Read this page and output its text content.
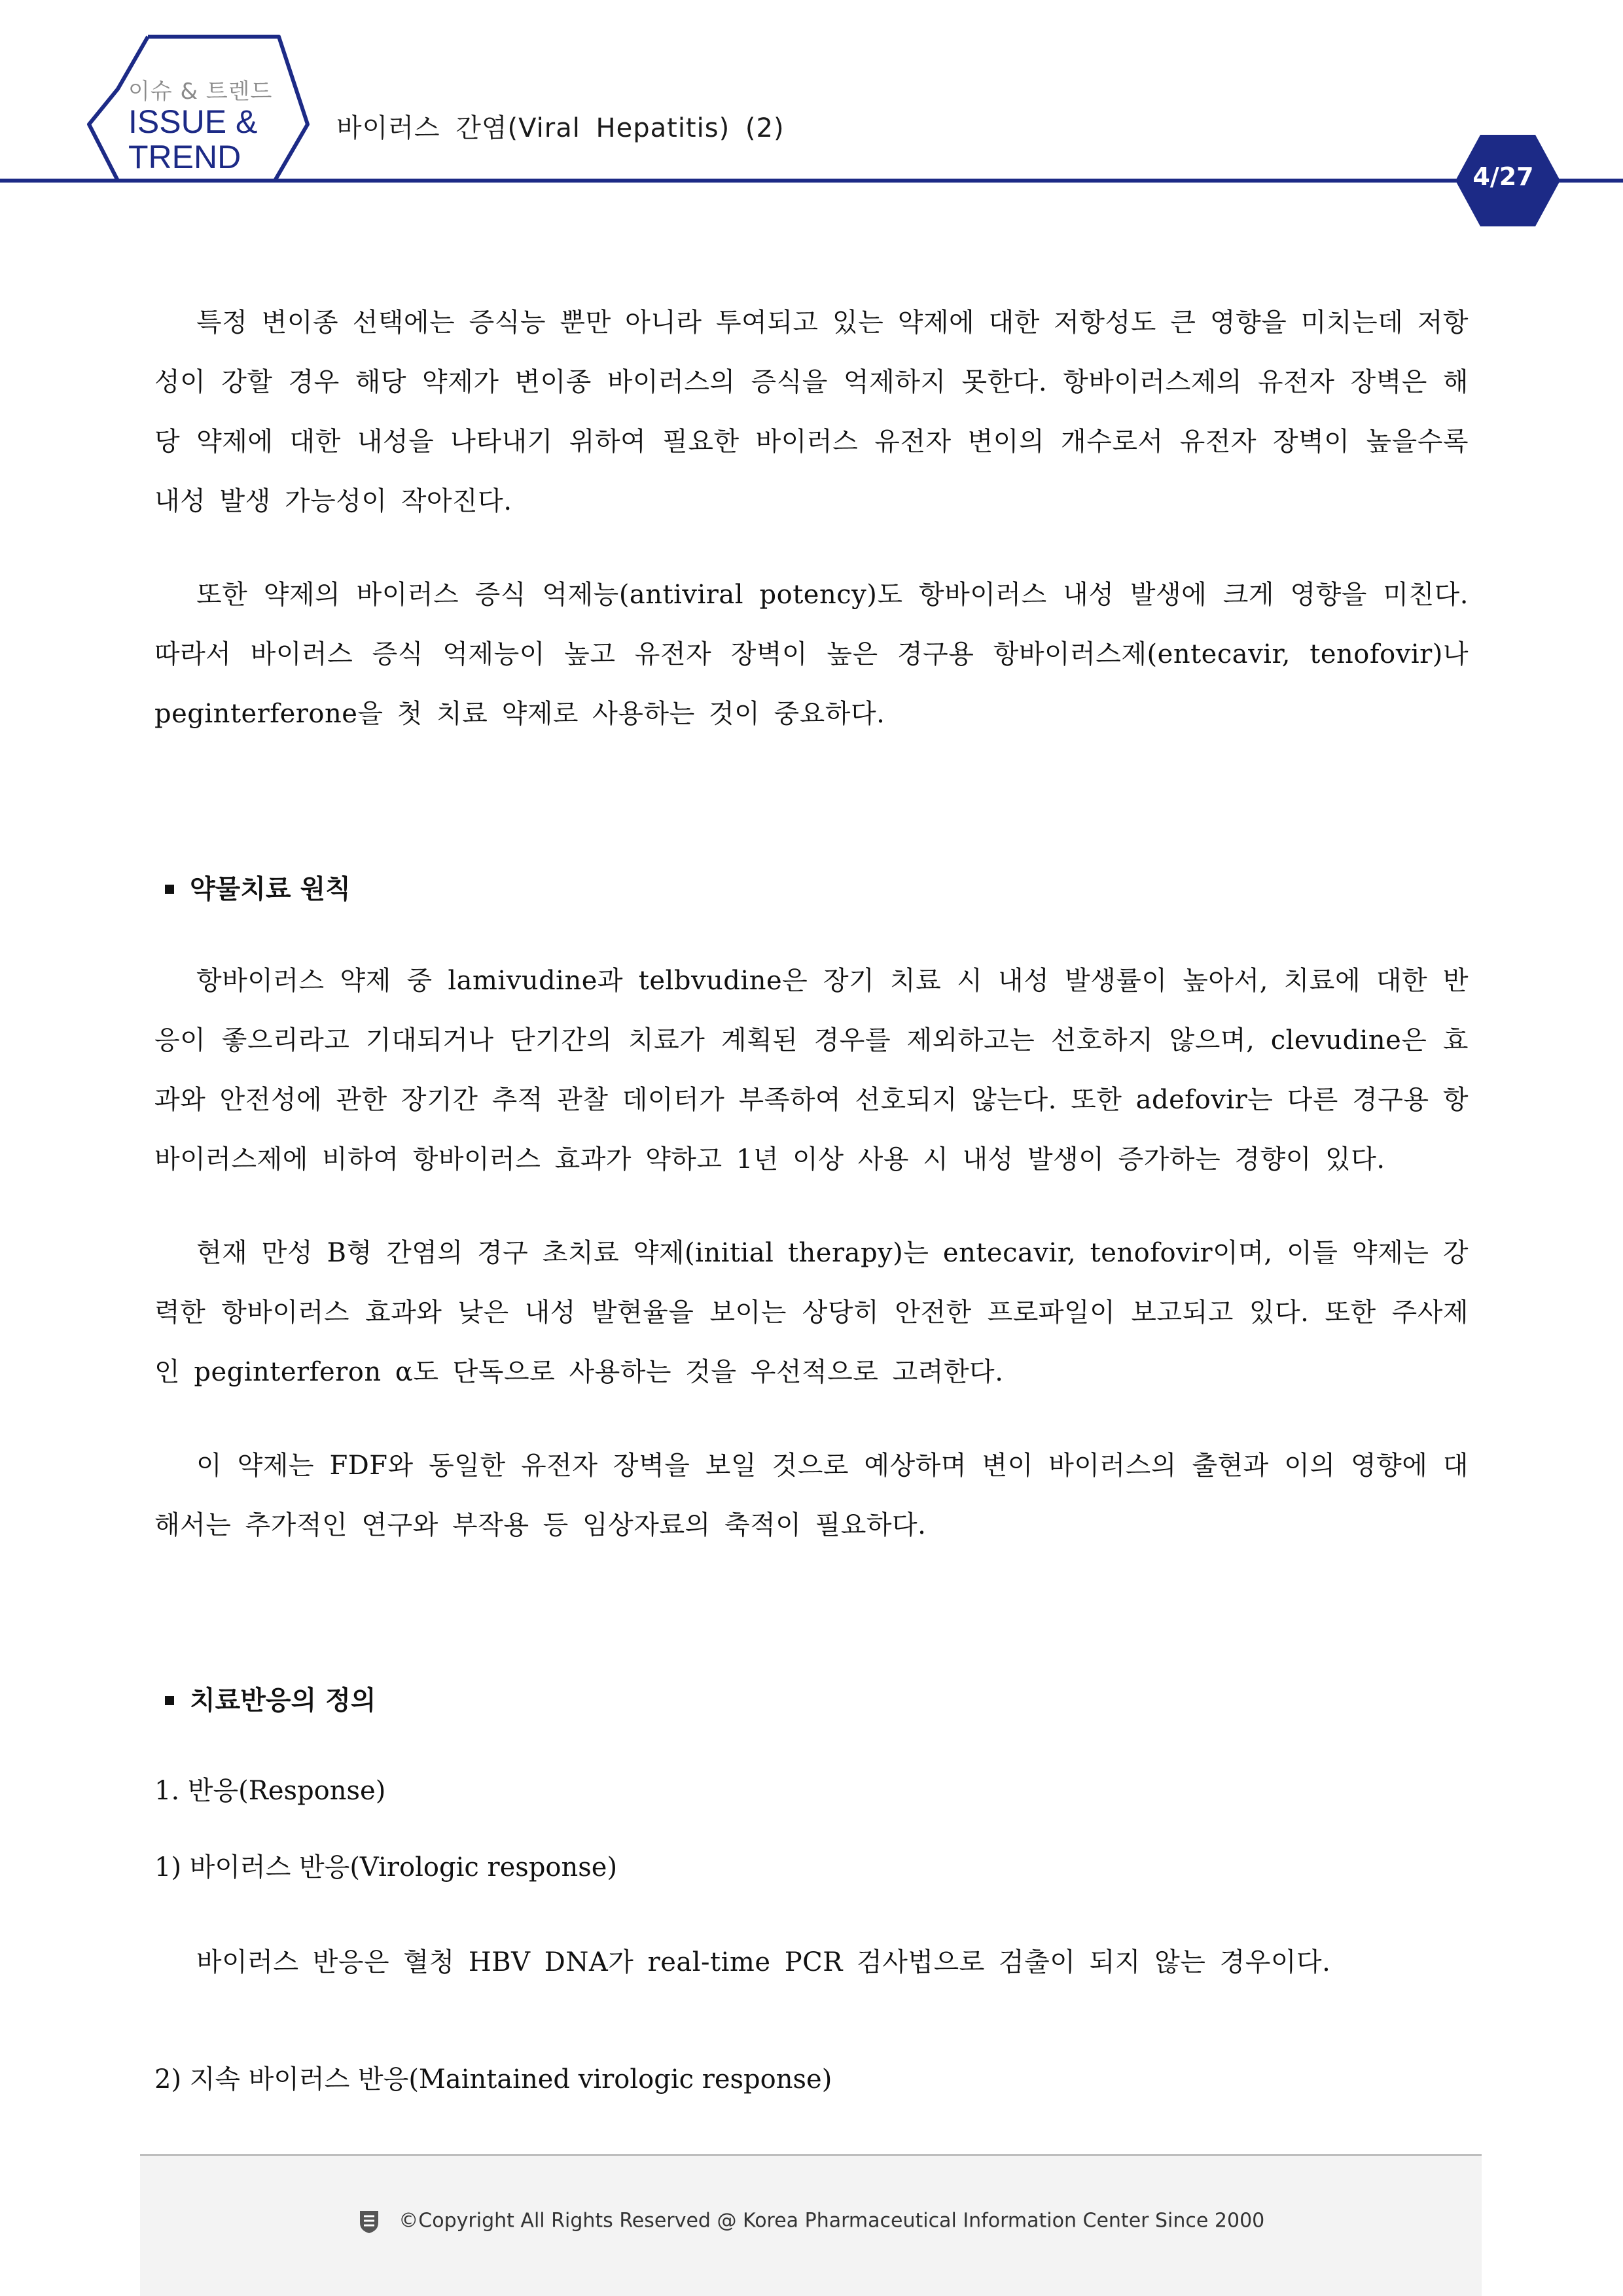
이슈 & 트렌드
ISSUE &
TREND
바이러스 간염(Viral Hepatitis) (2)
4/27

특정 변이종 선택에는 증식능 뿐만 아니라 투여되고 있는 약제에 대한 저항성도 큰 영향을 미치는데 저항성이 강할 경우 해당 약제가 변이종 바이러스의 증식을 억제하지 못한다. 항바이러스제의 유전자 장벽은 해당 약제에 대한 내성을 나타내기 위하여 필요한 바이러스 유전자 변이의 개수로서 유전자 장벽이 높을수록 내성 발생 가능성이 작아진다.

또한 약제의 바이러스 증식 억제능(antiviral potency)도 항바이러스 내성 발생에 크게 영향을 미친다. 따라서 바이러스 증식 억제능이 높고 유전자 장벽이 높은 경구용 항바이러스제(entecavir, tenofovir)나 peginterferone을 첫 치료 약제로 사용하는 것이 중요하다.

약물치료 원칙

항바이러스 약제 중 lamivudine과 telbvudine은 장기 치료 시 내성 발생률이 높아서, 치료에 대한 반응이 좋으리라고 기대되거나 단기간의 치료가 계획된 경우를 제외하고는 선호하지 않으며, clevudine은 효과와 안전성에 관한 장기간 추적 관찰 데이터가 부족하여 선호되지 않는다. 또한 adefovir는 다른 경구용 항바이러스제에 비하여 항바이러스 효과가 약하고 1년 이상 사용 시 내성 발생이 증가하는 경향이 있다.

현재 만성 B형 간염의 경구 초치료 약제(initial therapy)는 entecavir, tenofovir이며, 이들 약제는 강력한 항바이러스 효과와 낮은 내성 발현율을 보이는 상당히 안전한 프로파일이 보고되고 있다. 또한 주사제인 peginterferon α도 단독으로 사용하는 것을 우선적으로 고려한다.

이 약제는 FDF와 동일한 유전자 장벽을 보일 것으로 예상하며 변이 바이러스의 출현과 이의 영향에 대해서는 추가적인 연구와 부작용 등 임상자료의 축적이 필요하다.

치료반응의 정의

1. 반응(Response)

1) 바이러스 반응(Virologic response)

바이러스 반응은 혈청 HBV DNA가 real-time PCR 검사법으로 검출이 되지 않는 경우이다.

2) 지속 바이러스 반응(Maintained virologic response)

©Copyright All Rights Reserved @ Korea Pharmaceutical Information Center Since 2000
